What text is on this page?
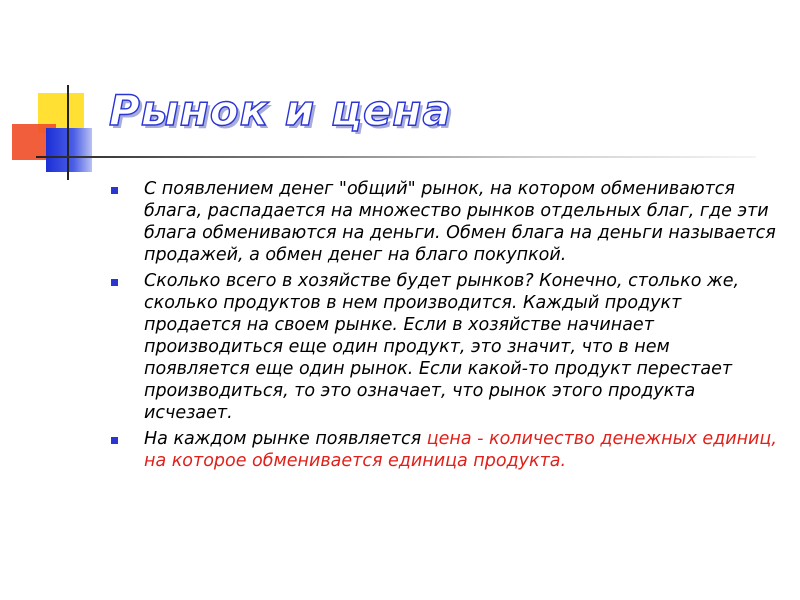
Рынок и цена
С появлением денег "общий" рынок, на котором обмениваются блага, распадается на множество рынков отдельных благ, где эти блага обмениваются на деньги. Обмен блага на деньги называется продажей, а обмен денег на благо покупкой.
Сколько всего в хозяйстве будет рынков? Конечно, столько же, сколько продуктов в нем производится. Каждый продукт продается на своем рынке. Если в хозяйстве начинает производиться еще один продукт, это значит, что в нем появляется еще один рынок. Если какой-то продукт перестает производиться, то это означает, что рынок этого продукта исчезает.
На каждом рынке появляется цена - количество денежных единиц, на которое обменивается единица продукта.
